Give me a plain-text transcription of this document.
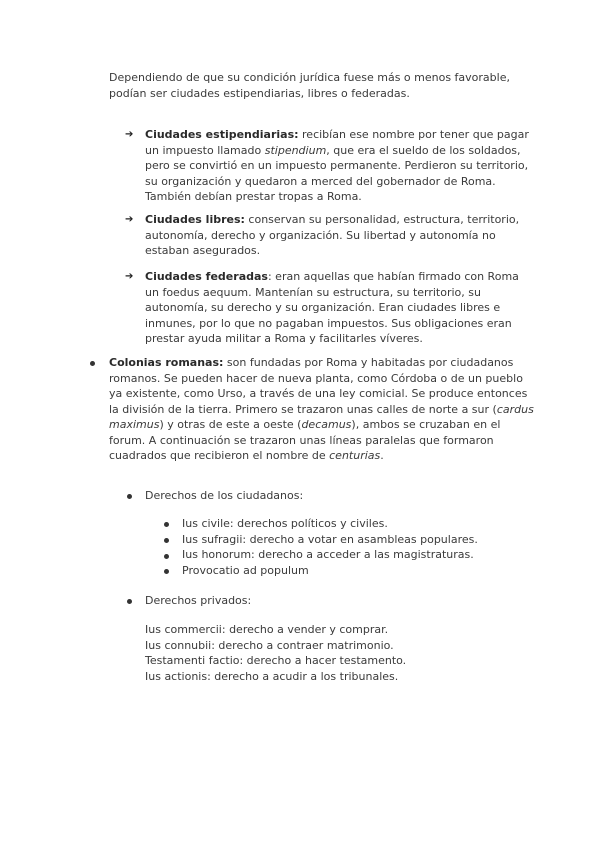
Dependiendo de que su condición jurídica fuese más o menos favorable, podían ser ciudades estipendiarias, libres o federadas.

➔ Ciudades estipendiarias: recibían ese nombre por tener que pagar un impuesto llamado stipendium, que era el sueldo de los soldados, pero se convirtió en un impuesto permanente. Perdieron su territorio, su organización y quedaron a merced del gobernador de Roma. También debían prestar tropas a Roma.
➔ Ciudades libres: conservan su personalidad, estructura, territorio, autonomía, derecho y organización. Su libertad y autonomía no estaban asegurados.
➔ Ciudades federadas: eran aquellas que habían firmado con Roma un foedus aequum. Mantenían su estructura, su territorio, su autonomía, su derecho y su organización. Eran ciudades libres e inmunes, por lo que no pagaban impuestos. Sus obligaciones eran prestar ayuda militar a Roma y facilitarles víveres.
Colonias romanas: son fundadas por Roma y habitadas por ciudadanos romanos. Se pueden hacer de nueva planta, como Córdoba o de un pueblo ya existente, como Urso, a través de una ley comicial. Se produce entonces la división de la tierra. Primero se trazaron unas calles de norte a sur (cardus maximus) y otras de este a oeste (decamus), ambos se cruzaban en el forum. A continuación se trazaron unas líneas paralelas que formaron cuadrados que recibieron el nombre de centurias.
Derechos de los ciudadanos:
Ius civile: derechos políticos y civiles.
Ius sufragii: derecho a votar en asambleas populares.
Ius honorum: derecho a acceder a las magistraturas.
Provocatio ad populum
Derechos privados:
Ius commercii: derecho a vender y comprar.
Ius connubii: derecho a contraer matrimonio.
Testamenti factio: derecho a hacer testamento.
Ius actionis: derecho a acudir a los tribunales.
